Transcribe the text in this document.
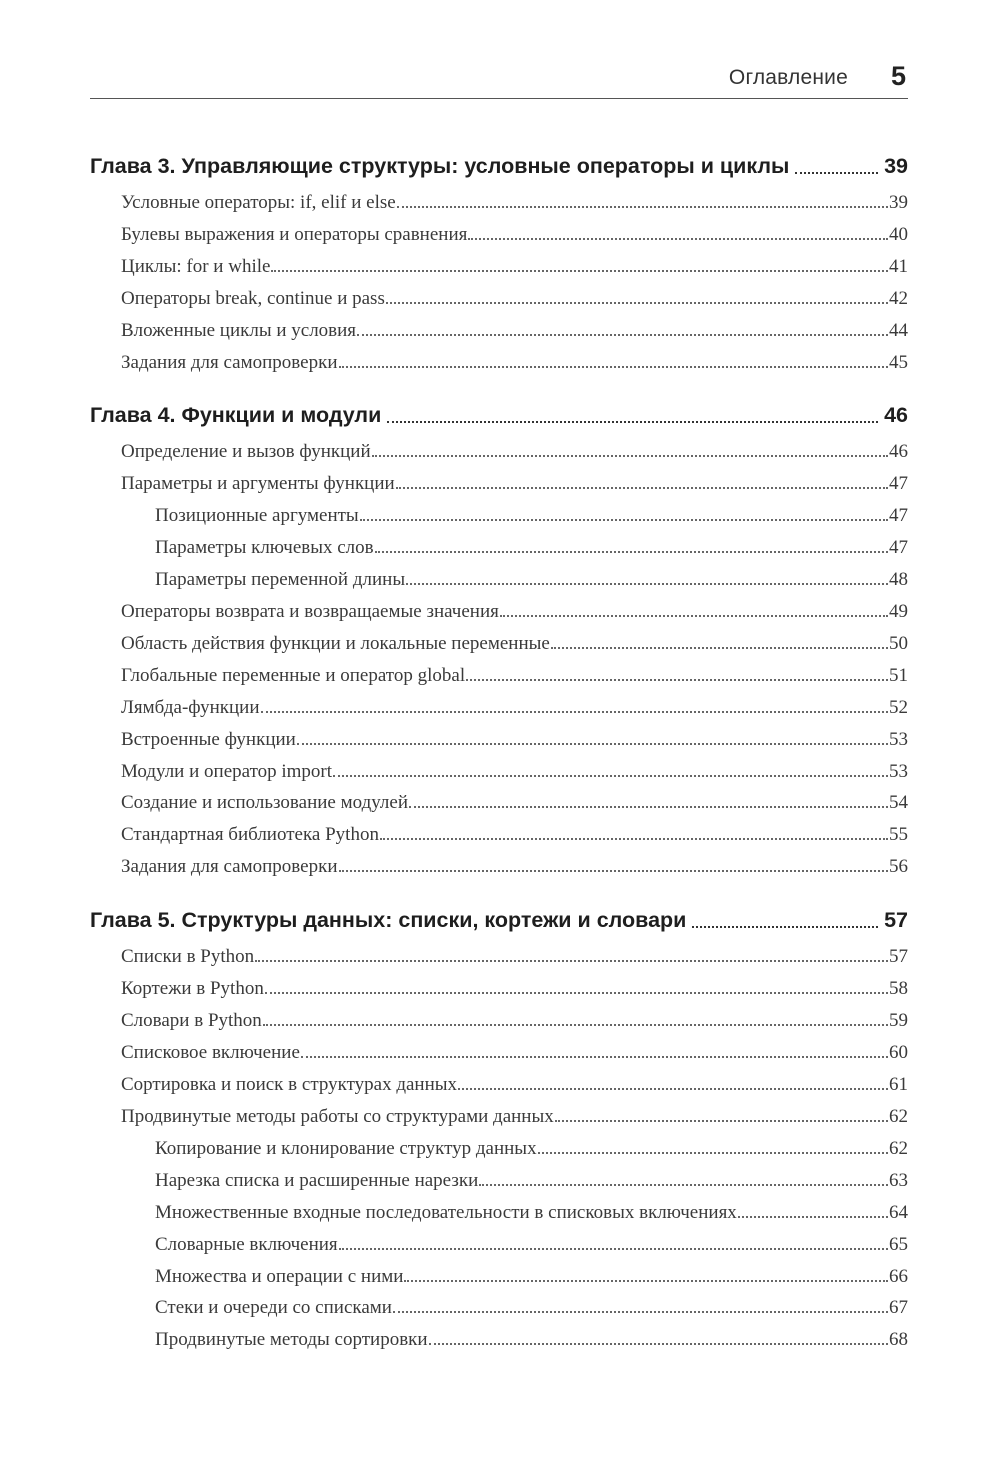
Оглавление 5
Глава 3. Управляющие структуры: условные операторы и циклы	39
Условные операторы: if, elif и else	39
Булевы выражения и операторы сравнения	40
Циклы: for и while	41
Операторы break, continue и pass	42
Вложенные циклы и условия	44
Задания для самопроверки	45
Глава 4. Функции и модули	46
Определение и вызов функций	46
Параметры и аргументы функции	47
Позиционные аргументы	47
Параметры ключевых слов	47
Параметры переменной длины	48
Операторы возврата и возвращаемые значения	49
Область действия функции и локальные переменные	50
Глобальные переменные и оператор global	51
Лямбда-функции	52
Встроенные функции	53
Модули и оператор import	53
Создание и использование модулей	54
Стандартная библиотека Python	55
Задания для самопроверки	56
Глава 5. Структуры данных: списки, кортежи и словари	57
Списки в Python	57
Кортежи в Python	58
Словари в Python	59
Списковое включение	60
Сортировка и поиск в структурах данных	61
Продвинутые методы работы со структурами данных	62
Копирование и клонирование структур данных	62
Нарезка списка и расширенные нарезки	63
Множественные входные последовательности в списковых включениях	64
Словарные включения	65
Множества и операции с ними	66
Стеки и очереди со списками	67
Продвинутые методы сортировки	68
